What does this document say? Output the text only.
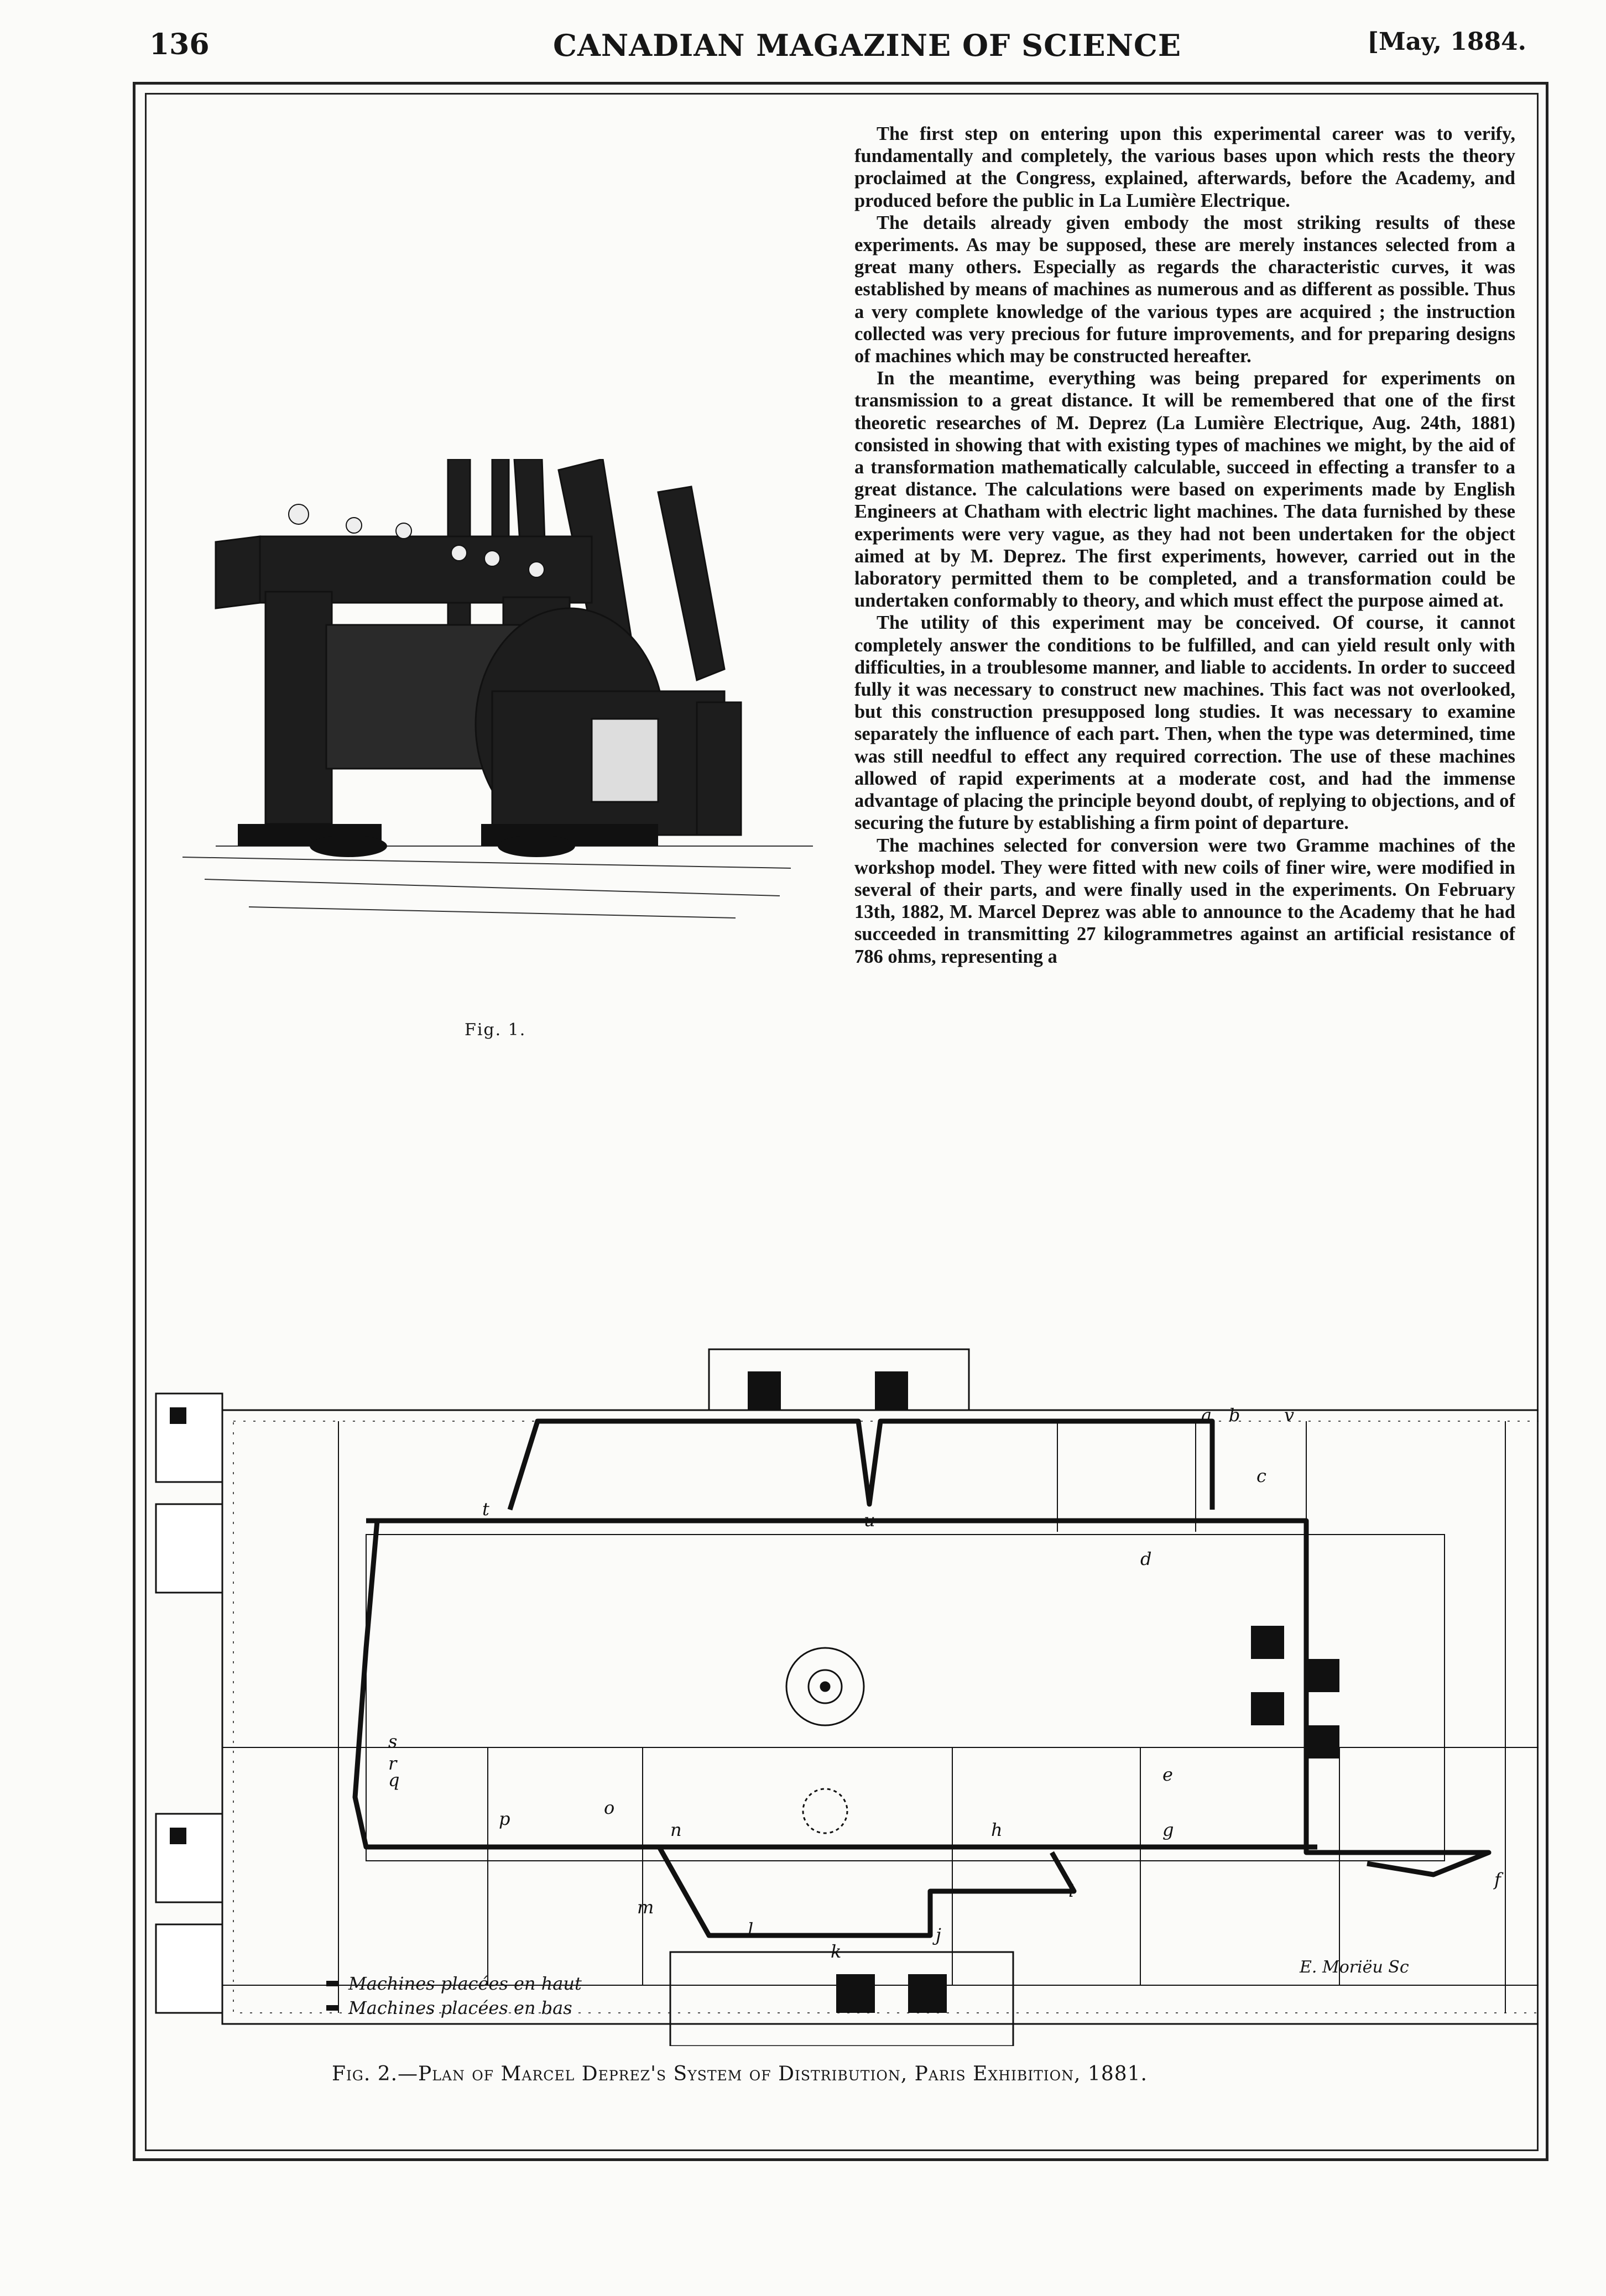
136	CANADIAN MAGAZINE OF SCIENCE	[May, 1884.
Fig. 1.

The first step on entering upon this experimental career was to verify, fundamentally and completely, the various bases upon which rests the theory proclaimed at the Congress, explained, afterwards, before the Academy, and produced before the public in La Lumière Electrique.

The details already given embody the most striking results of these experiments. As may be supposed, these are merely instances selected from a great many others. Especially as regards the characteristic curves, it was established by means of machines as numerous and as different as possible. Thus a very complete knowledge of the various types are acquired ; the instruction collected was very precious for future improvements, and for preparing designs of machines which may be constructed hereafter.

In the meantime, everything was being prepared for experiments on transmission to a great distance. It will be remembered that one of the first theoretic researches of M. Deprez (La Lumière Electrique, Aug. 24th, 1881) consisted in showing that with existing types of machines we might, by the aid of a transformation mathematically calculable, succeed in effecting a transfer to a great distance. The calculations were based on experiments made by English Engineers at Chatham with electric light machines. The data furnished by these experiments were very vague, as they had not been undertaken for the object aimed at by M. Deprez. The first experiments, however, carried out in the laboratory permitted them to be completed, and a transformation could be undertaken conformably to theory, and which must effect the purpose aimed at.

The utility of this experiment may be conceived. Of course, it cannot completely answer the conditions to be fulfilled, and can yield result only with difficulties, in a troublesome manner, and liable to accidents. In order to succeed fully it was necessary to construct new machines. This fact was not overlooked, but this construction presupposed long studies. It was necessary to examine separately the influence of each part. Then, when the type was determined, time was still needful to effect any required correction. The use of these machines allowed of rapid experiments at a moderate cost, and had the immense advantage of placing the principle beyond doubt, of replying to objections, and of securing the future by establishing a firm point of departure.

The machines selected for conversion were two Gramme machines of the workshop model. They were fitted with new coils of finer wire, were modified in several of their parts, and were finally used in the experiments. On February 13th, 1882, M. Marcel Deprez was able to announce to the Academy that he had succeeded in transmitting 27 kilogrammetres against an artificial resistance of 786 ohms, representing a

a b
c
d
e
f
g
h
i
j
k
l
m
n
o
p
q
r
s
t
u
v
Machines placées en haut
Machines placées en bas
E. Moriëu Sc
Fig. 2.—Plan of Marcel Deprez's System of Distribution, Paris Exhibition, 1881.
